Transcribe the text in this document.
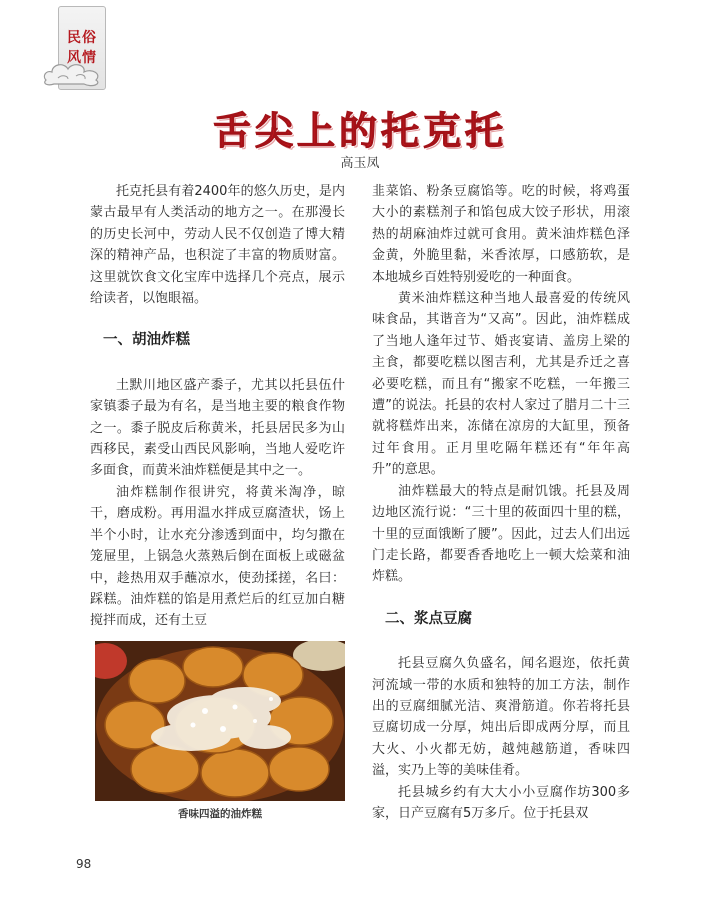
民俗
风情
舌尖上的托克托
高玉凤

托克托县有着2400年的悠久历史，是内蒙古最早有人类活动的地方之一。在那漫长的历史长河中，劳动人民不仅创造了博大精深的精神产品，也积淀了丰富的物质财富。这里就饮食文化宝库中选择几个亮点，展示给读者，以饱眼福。

一、胡油炸糕

土默川地区盛产黍子，尤其以托县伍什家镇黍子最为有名，是当地主要的粮食作物之一。黍子脱皮后称黄米，托县居民多为山西移民，素受山西民风影响，当地人爱吃许多面食，而黄米油炸糕便是其中之一。

油炸糕制作很讲究，将黄米淘净，晾干，磨成粉。再用温水拌成豆腐渣状，饧上半个小时，让水充分渗透到面中，均匀撒在笼屉里，上锅急火蒸熟后倒在面板上或磁盆中，趁热用双手蘸凉水，使劲揉搓，名曰：踩糕。油炸糕的馅是用煮烂后的红豆加白糖搅拌而成，还有土豆

香味四溢的油炸糕

韭菜馅、粉条豆腐馅等。吃的时候，将鸡蛋大小的素糕剂子和馅包成大饺子形状，用滚热的胡麻油炸过就可食用。黄米油炸糕色泽金黄，外脆里黏，米香浓厚，口感筋软，是本地城乡百姓特别爱吃的一种面食。

黄米油炸糕这种当地人最喜爱的传统风味食品，其谐音为“又高”。因此，油炸糕成了当地人逢年过节、婚丧宴请、盖房上梁的主食，都要吃糕以图吉利，尤其是乔迁之喜必要吃糕，而且有“搬家不吃糕，一年搬三遭”的说法。托县的农村人家过了腊月二十三就将糕炸出来，冻储在凉房的大缸里，预备过年食用。正月里吃隔年糕还有“年年高升”的意思。

油炸糕最大的特点是耐饥饿。托县及周边地区流行说：“三十里的莜面四十里的糕，十里的豆面饿断了腰”。因此，过去人们出远门走长路，都要香香地吃上一顿大烩菜和油炸糕。

二、浆点豆腐

托县豆腐久负盛名，闻名遐迩，依托黄河流域一带的水质和独特的加工方法，制作出的豆腐细腻光洁、爽滑筋道。你若将托县豆腐切成一分厚，炖出后即成两分厚，而且大火、小火都无妨，越炖越筋道，香味四溢，实乃上等的美味佳肴。

托县城乡约有大大小小豆腐作坊300多家，日产豆腐有5万多斤。位于托县双

98
